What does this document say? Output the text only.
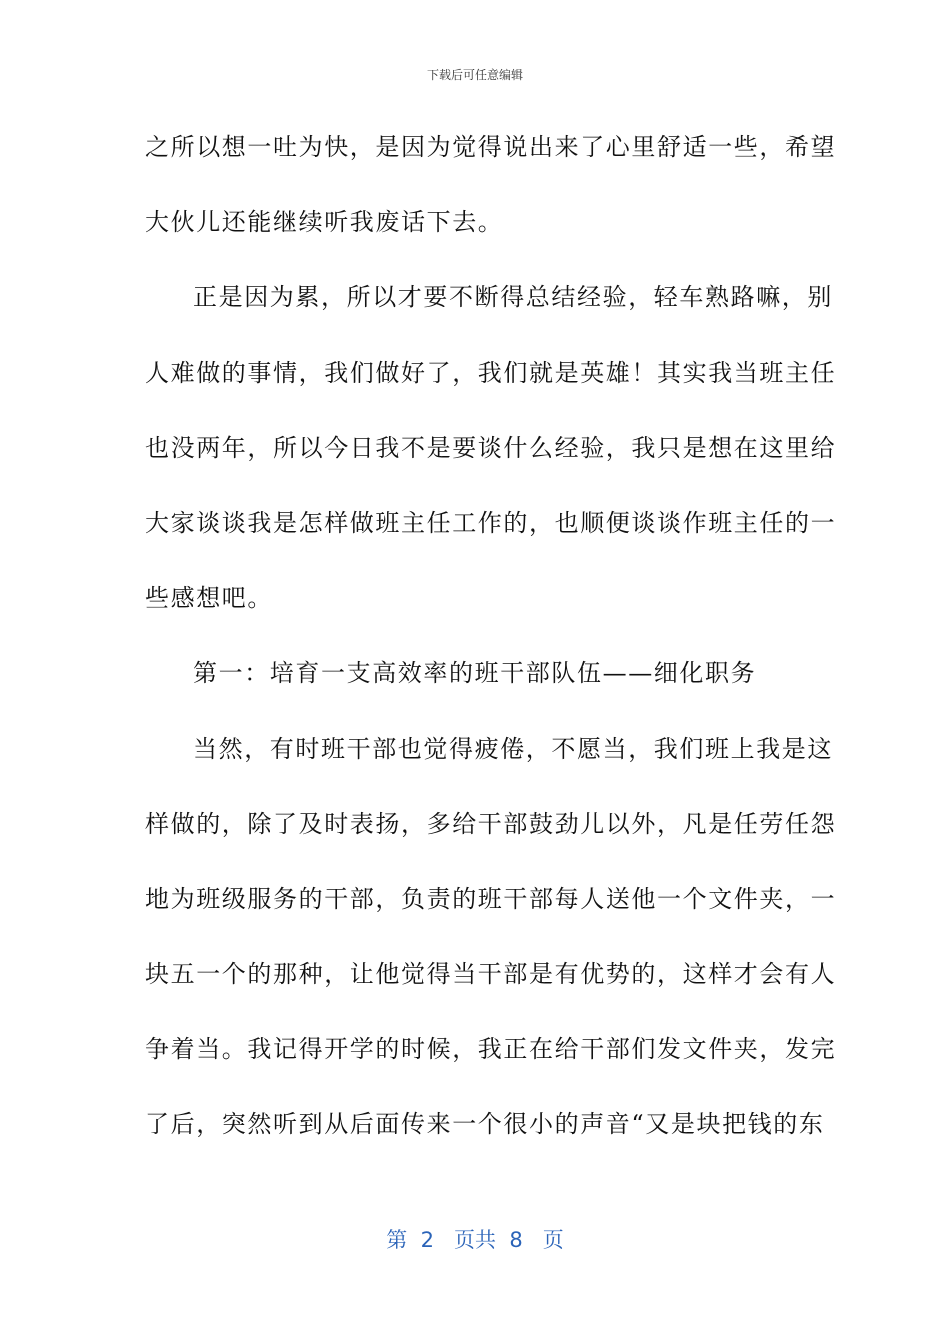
下载后可任意编辑
之所以想一吐为快，是因为觉得说出来了心里舒适一些，希望
大伙儿还能继续听我废话下去。
正是因为累，所以才要不断得总结经验，轻车熟路嘛，别
人难做的事情，我们做好了，我们就是英雄！其实我当班主任
也没两年，所以今日我不是要谈什么经验，我只是想在这里给
大家谈谈我是怎样做班主任工作的，也顺便谈谈作班主任的一
些感想吧。
第一：培育一支高效率的班干部队伍——细化职务
当然，有时班干部也觉得疲倦，不愿当，我们班上我是这
样做的，除了及时表扬，多给干部鼓劲儿以外，凡是任劳任怨
地为班级服务的干部，负责的班干部每人送他一个文件夹，一
块五一个的那种，让他觉得当干部是有优势的，这样才会有人
争着当。我记得开学的时候，我正在给干部们发文件夹，发完
了后，突然听到从后面传来一个很小的声音“又是块把钱的东
第  2   页共  8   页
